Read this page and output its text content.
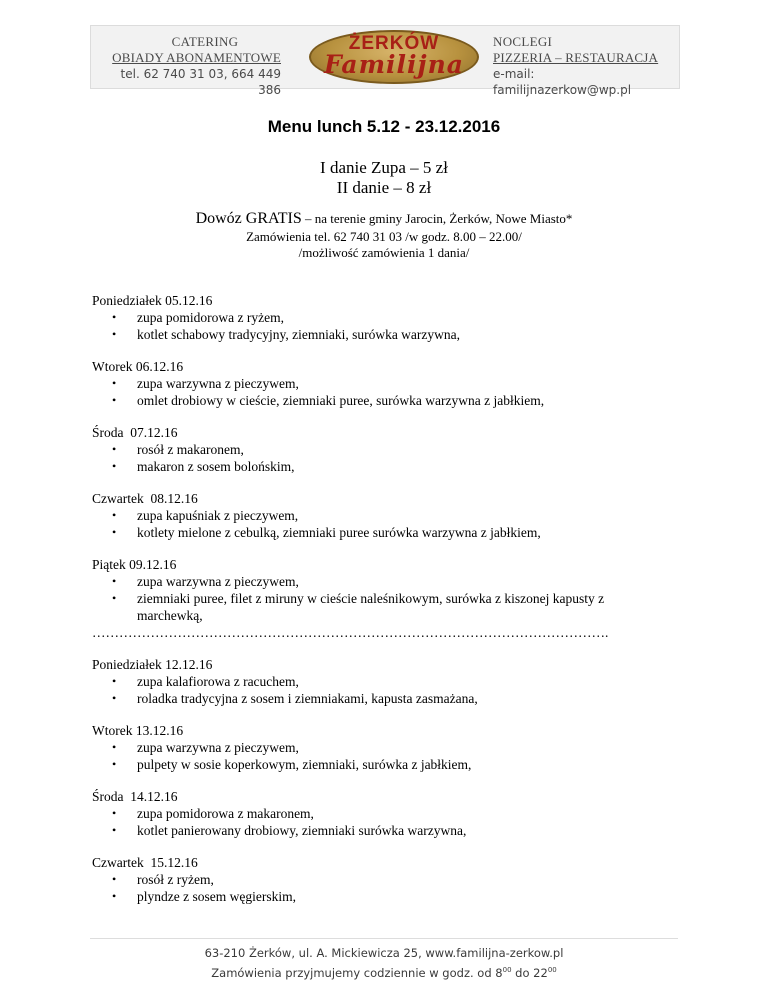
CATERING
OBIADY ABONAMENTOWE
tel. 62 740 31 03, 664 449 386
ŻERKÓW
Familijna
NOCLEGI
PIZZERIA – RESTAURACJA
e-mail: familijnazerkow@wp.pl
Menu lunch 5.12 - 23.12.2016
I danie Zupa – 5 zł
II danie – 8 zł
Dowóz GRATIS – na terenie gminy Jarocin, Żerków, Nowe Miasto*
Zamówienia tel. 62 740 31 03 /w godz. 8.00 – 22.00/
/możliwość zamówienia 1 dania/
Poniedziałek 05.12.16
• zupa pomidorowa z ryżem,
• kotlet schabowy tradycyjny, ziemniaki, surówka warzywna,
Wtorek 06.12.16
• zupa warzywna z pieczywem,
• omlet drobiowy w cieście, ziemniaki puree, surówka warzywna z jabłkiem,
Środa  07.12.16
• rosół z makaronem,
• makaron z sosem bolońskim,
Czwartek  08.12.16
• zupa kapuśniak z pieczywem,
• kotlety mielone z cebulką, ziemniaki puree surówka warzywna z jabłkiem,
Piątek 09.12.16
• zupa warzywna z pieczywem,
• ziemniaki puree, filet z miruny w cieście naleśnikowym, surówka z kiszonej kapusty z marchewką,
…………………………………………………………………………………………………….
Poniedziałek 12.12.16
• zupa kalafiorowa z racuchem,
• roladka tradycyjna z sosem i ziemniakami, kapusta zasmażana,
Wtorek 13.12.16
• zupa warzywna z pieczywem,
• pulpety w sosie koperkowym, ziemniaki, surówka z jabłkiem,
Środa  14.12.16
• zupa pomidorowa z makaronem,
• kotlet panierowany drobiowy, ziemniaki surówka warzywna,
Czwartek  15.12.16
• rosół z ryżem,
• plyndze z sosem węgierskim,
63-210 Żerków, ul. A. Mickiewicza 25, www.familijna-zerkow.pl
Zamówienia przyjmujemy codziennie w godz. od $8^{00}$ do $22^{00}$
